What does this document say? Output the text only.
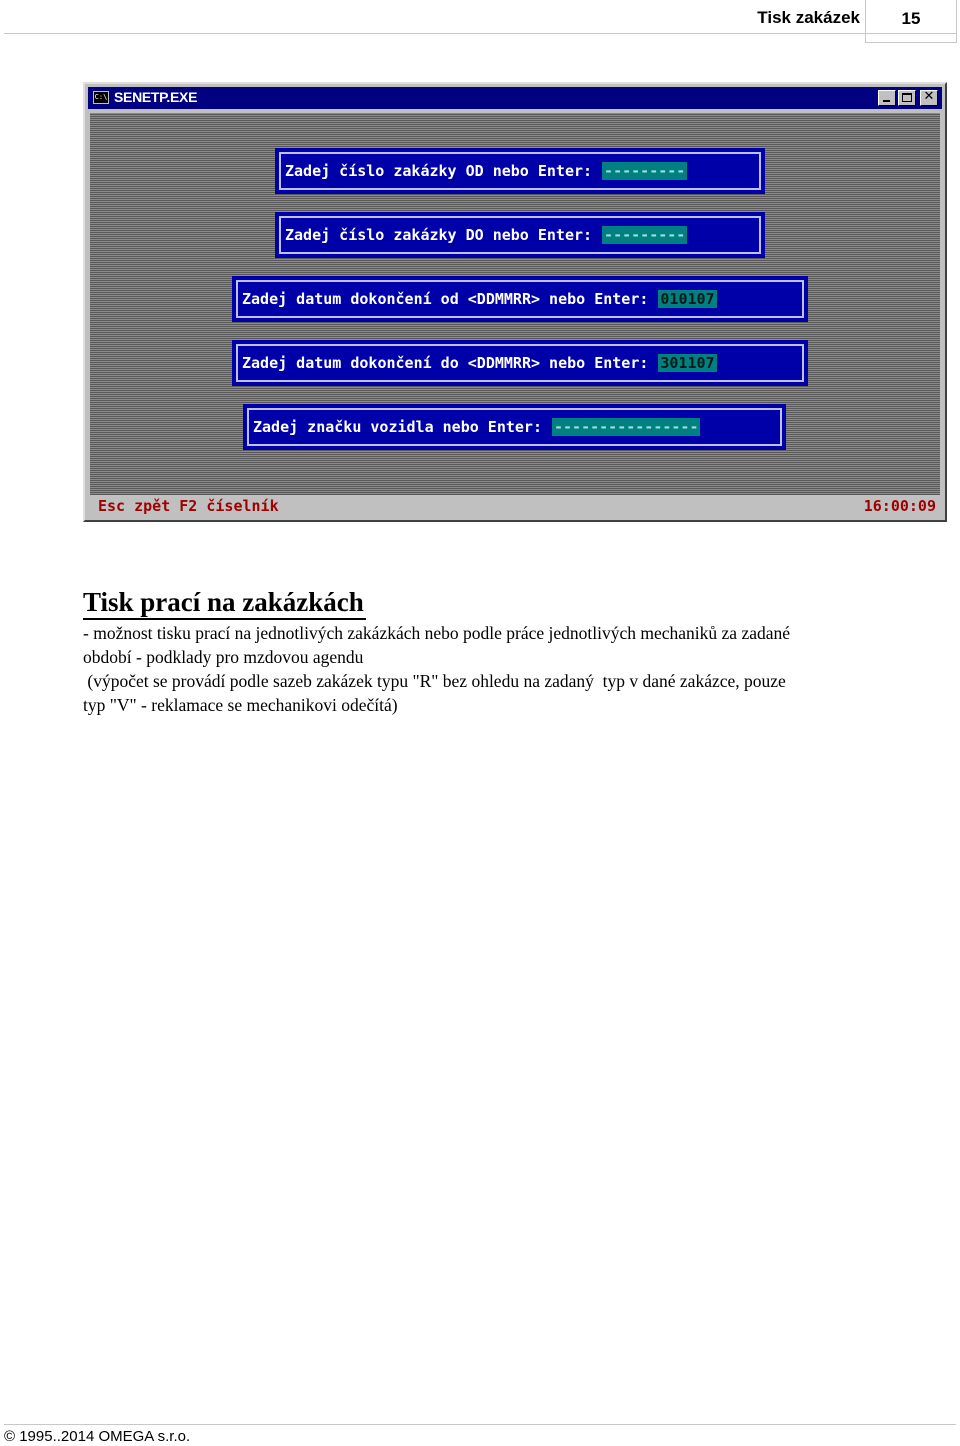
Tisk zakázek	15
C:\ SENETP.EXE	✕
Zadej číslo zakázky OD nebo Enter: ---------
Zadej číslo zakázky DO nebo Enter: ---------
Zadej datum dokončení od <DDMMRR> nebo Enter: 010107
Zadej datum dokončení do <DDMMRR> nebo Enter: 301107
Zadej značku vozidla nebo Enter: ----------------
Esc zpět F2 číselník	16:00:09
Tisk prací na zakázkách

- možnost tisku prací na jednotlivých zakázkách nebo podle práce jednotlivých mechaniků za zadané

období - podklady pro mzdovou agendu

(výpočet se provádí podle sazeb zakázek typu "R" bez ohledu na zadaný  typ v dané zakázce, pouze

typ "V" - reklamace se mechanikovi odečítá)

© 1995..2014 OMEGA s.r.o.
